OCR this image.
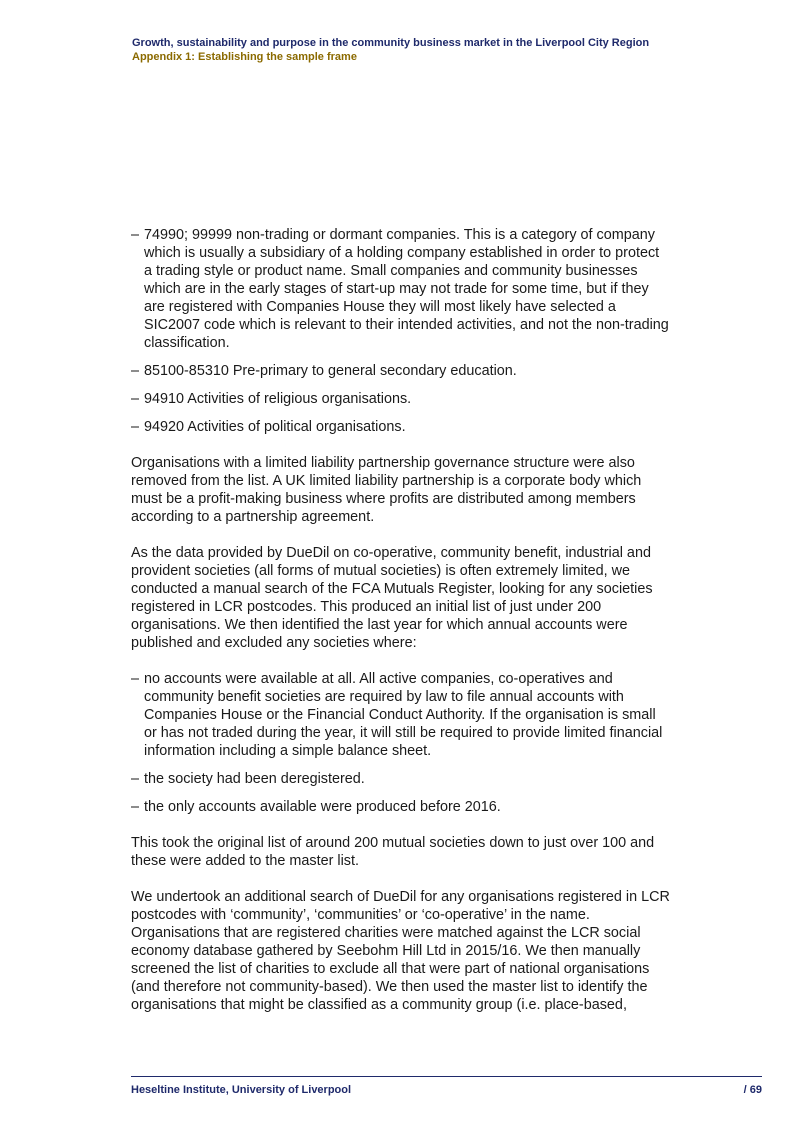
Growth, sustainability and purpose in the community business market in the Liverpool City Region
Appendix 1: Establishing the sample frame
– 74990; 99999 non-trading or dormant companies. This is a category of company which is usually a subsidiary of a holding company established in order to protect a trading style or product name. Small companies and community businesses which are in the early stages of start-up may not trade for some time, but if they are registered with Companies House they will most likely have selected a SIC2007 code which is relevant to their intended activities, and not the non-trading classification.
– 85100-85310 Pre-primary to general secondary education.
– 94910 Activities of religious organisations.
– 94920 Activities of political organisations.

Organisations with a limited liability partnership governance structure were also removed from the list. A UK limited liability partnership is a corporate body which must be a profit-making business where profits are distributed among members according to a partnership agreement.

As the data provided by DueDil on co-operative, community benefit, industrial and provident societies (all forms of mutual societies) is often extremely limited, we conducted a manual search of the FCA Mutuals Register, looking for any societies registered in LCR postcodes. This produced an initial list of just under 200 organisations. We then identified the last year for which annual accounts were published and excluded any societies where:

– no accounts were available at all. All active companies, co-operatives and community benefit societies are required by law to file annual accounts with Companies House or the Financial Conduct Authority. If the organisation is small or has not traded during the year, it will still be required to provide limited financial information including a simple balance sheet.
– the society had been deregistered.
– the only accounts available were produced before 2016.

This took the original list of around 200 mutual societies down to just over 100 and these were added to the master list.

We undertook an additional search of DueDil for any organisations registered in LCR postcodes with ‘community’, ‘communities’ or ‘co-operative’ in the name. Organisations that are registered charities were matched against the LCR social economy database gathered by Seebohm Hill Ltd in 2015/16. We then manually screened the list of charities to exclude all that were part of national organisations (and therefore not community-based). We then used the master list to identify the organisations that might be classified as a community group (i.e. place-based,

Heseltine Institute, University of Liverpool	/ 69
